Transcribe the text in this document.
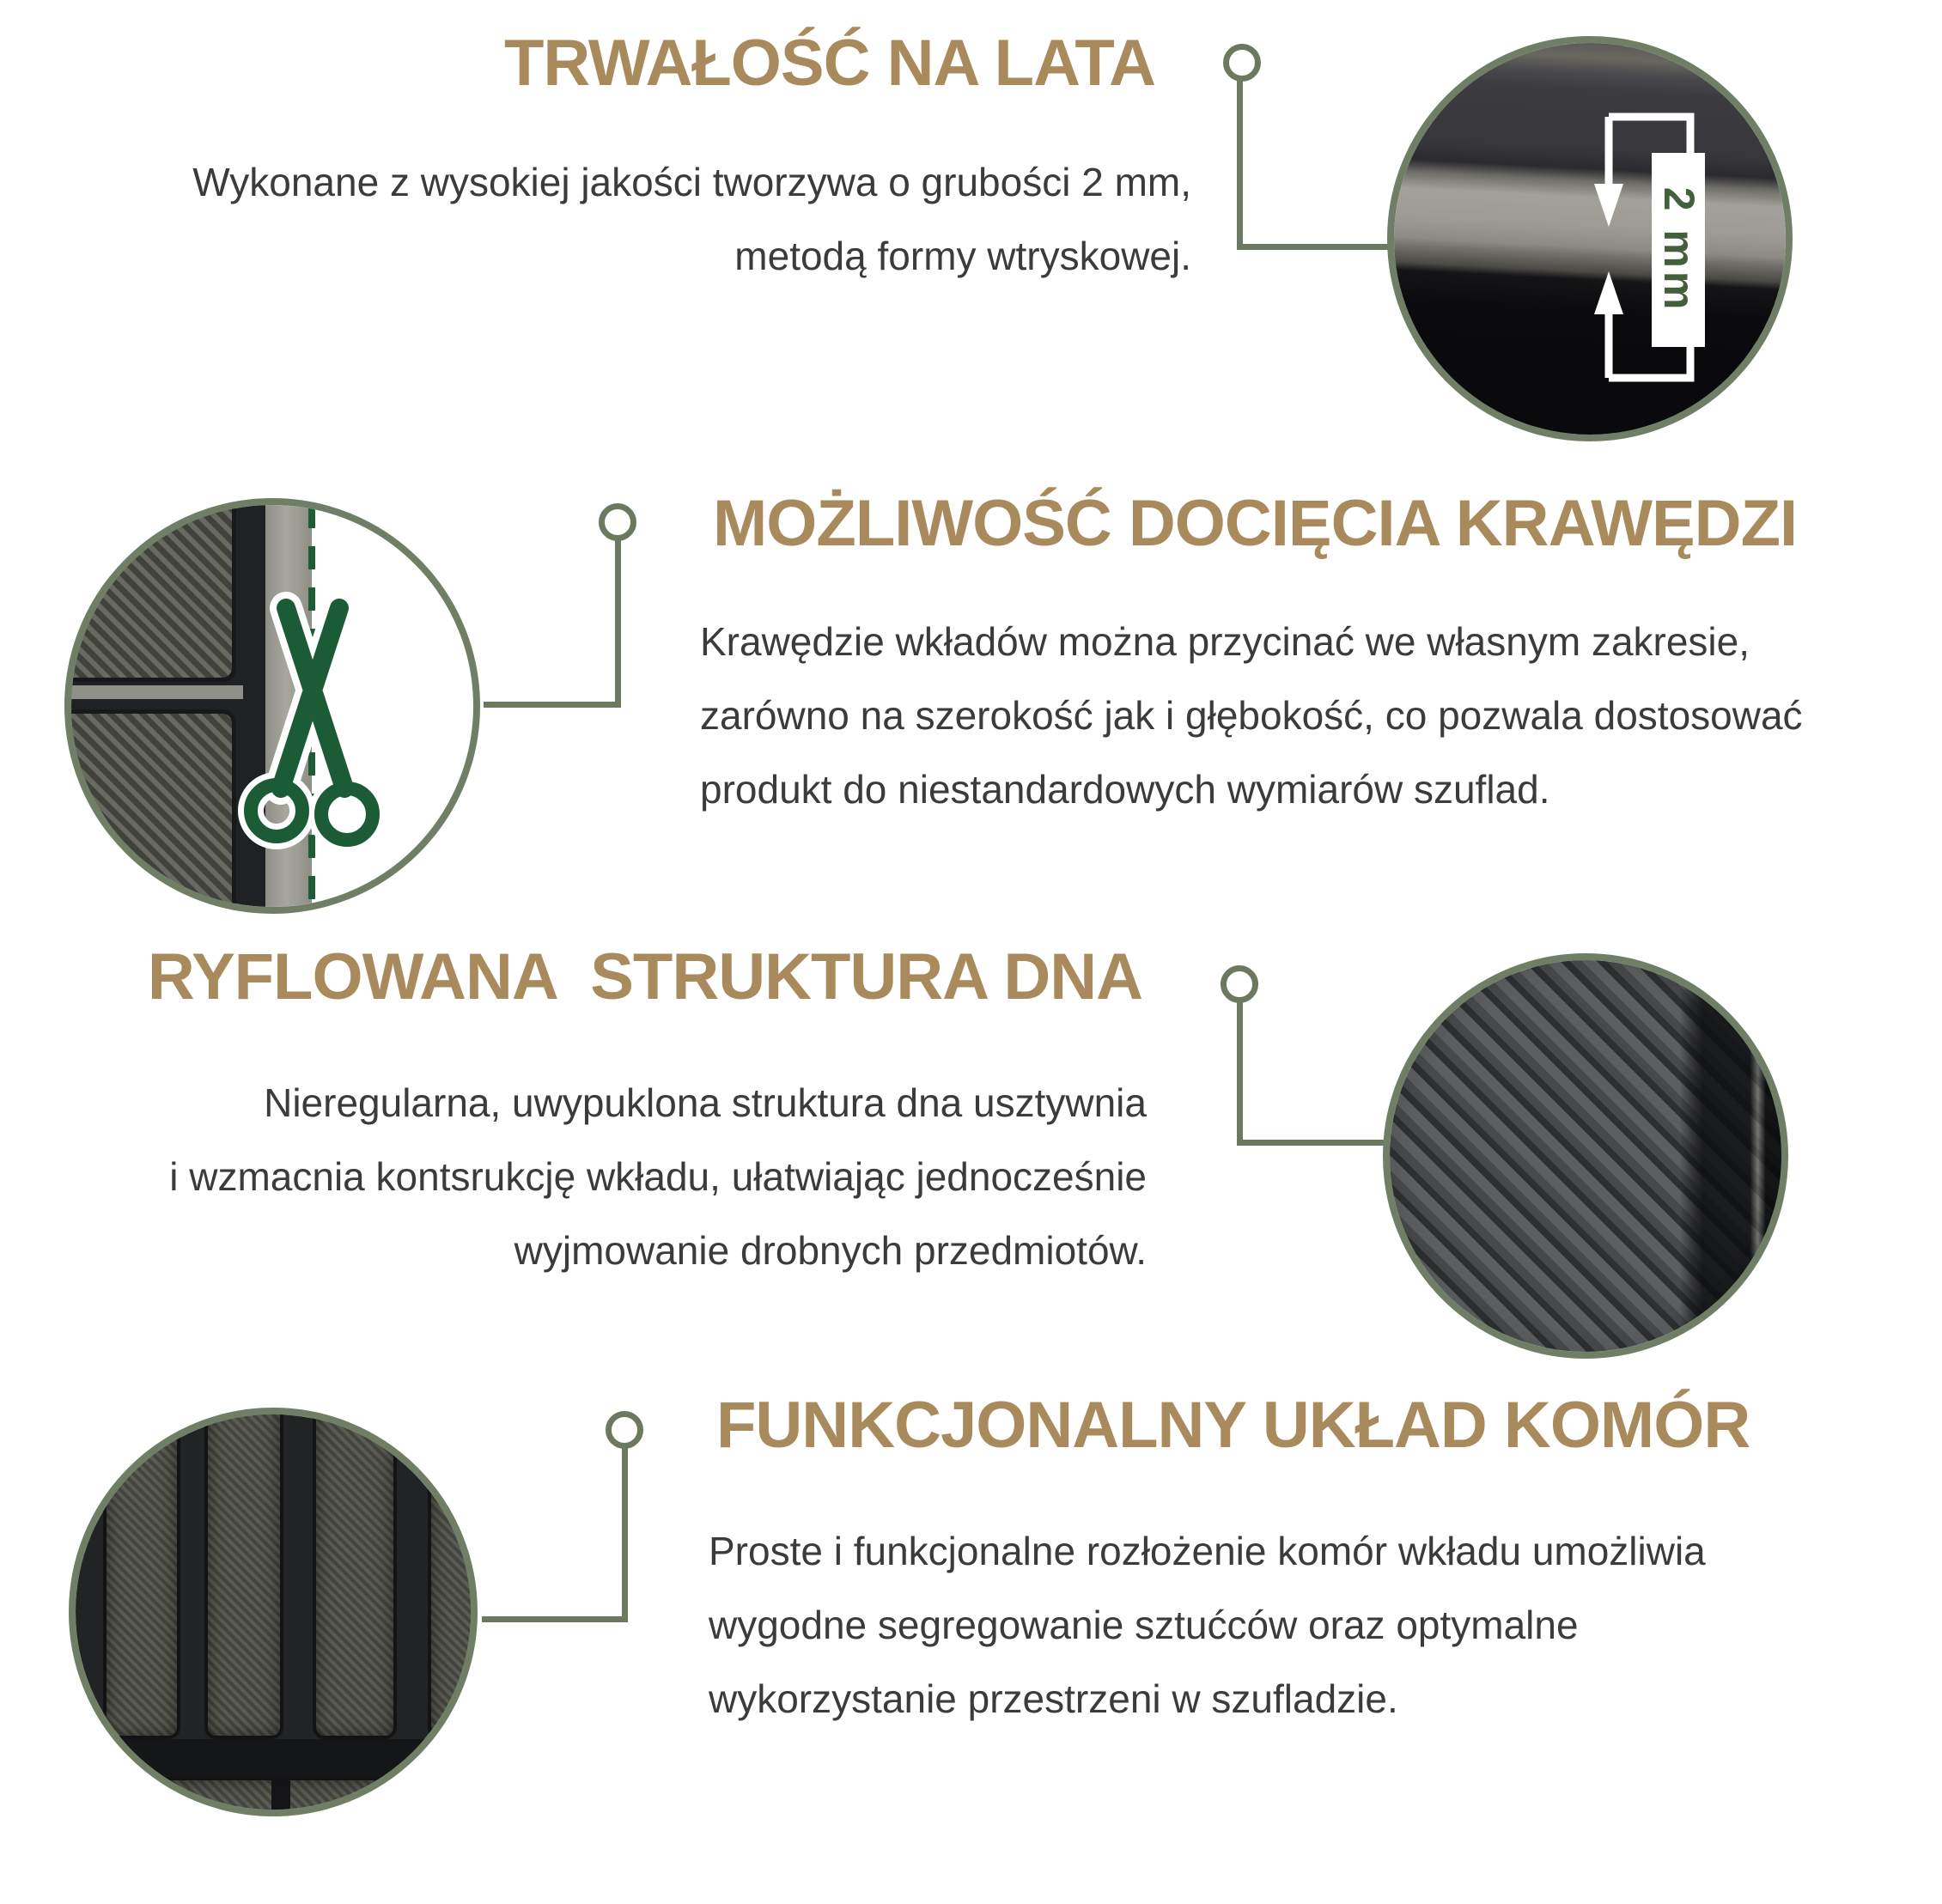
TRWAŁOŚĆ NA LATA
Wykonane z wysokiej jakości tworzywa o grubości 2 mm,
metodą formy wtryskowej.	2 mm
MOŻLIWOŚĆ DOCIĘCIA KRAWĘDZI
Krawędzie wkładów można przycinać we własnym zakresie,
zarówno na szerokość jak i głębokość, co pozwala dostosować
produkt do niestandardowych wymiarów szuflad.
RYFLOWANA  STRUKTURA DNA
Nieregularna, uwypuklona struktura dna usztywnia
i wzmacnia kontsrukcję wkładu, ułatwiając jednocześnie
wyjmowanie drobnych przedmiotów.
FUNKCJONALNY UKŁAD KOMÓR
Proste i funkcjonalne rozłożenie komór wkładu umożliwia
wygodne segregowanie sztućców oraz optymalne
wykorzystanie przestrzeni w szufladzie.
